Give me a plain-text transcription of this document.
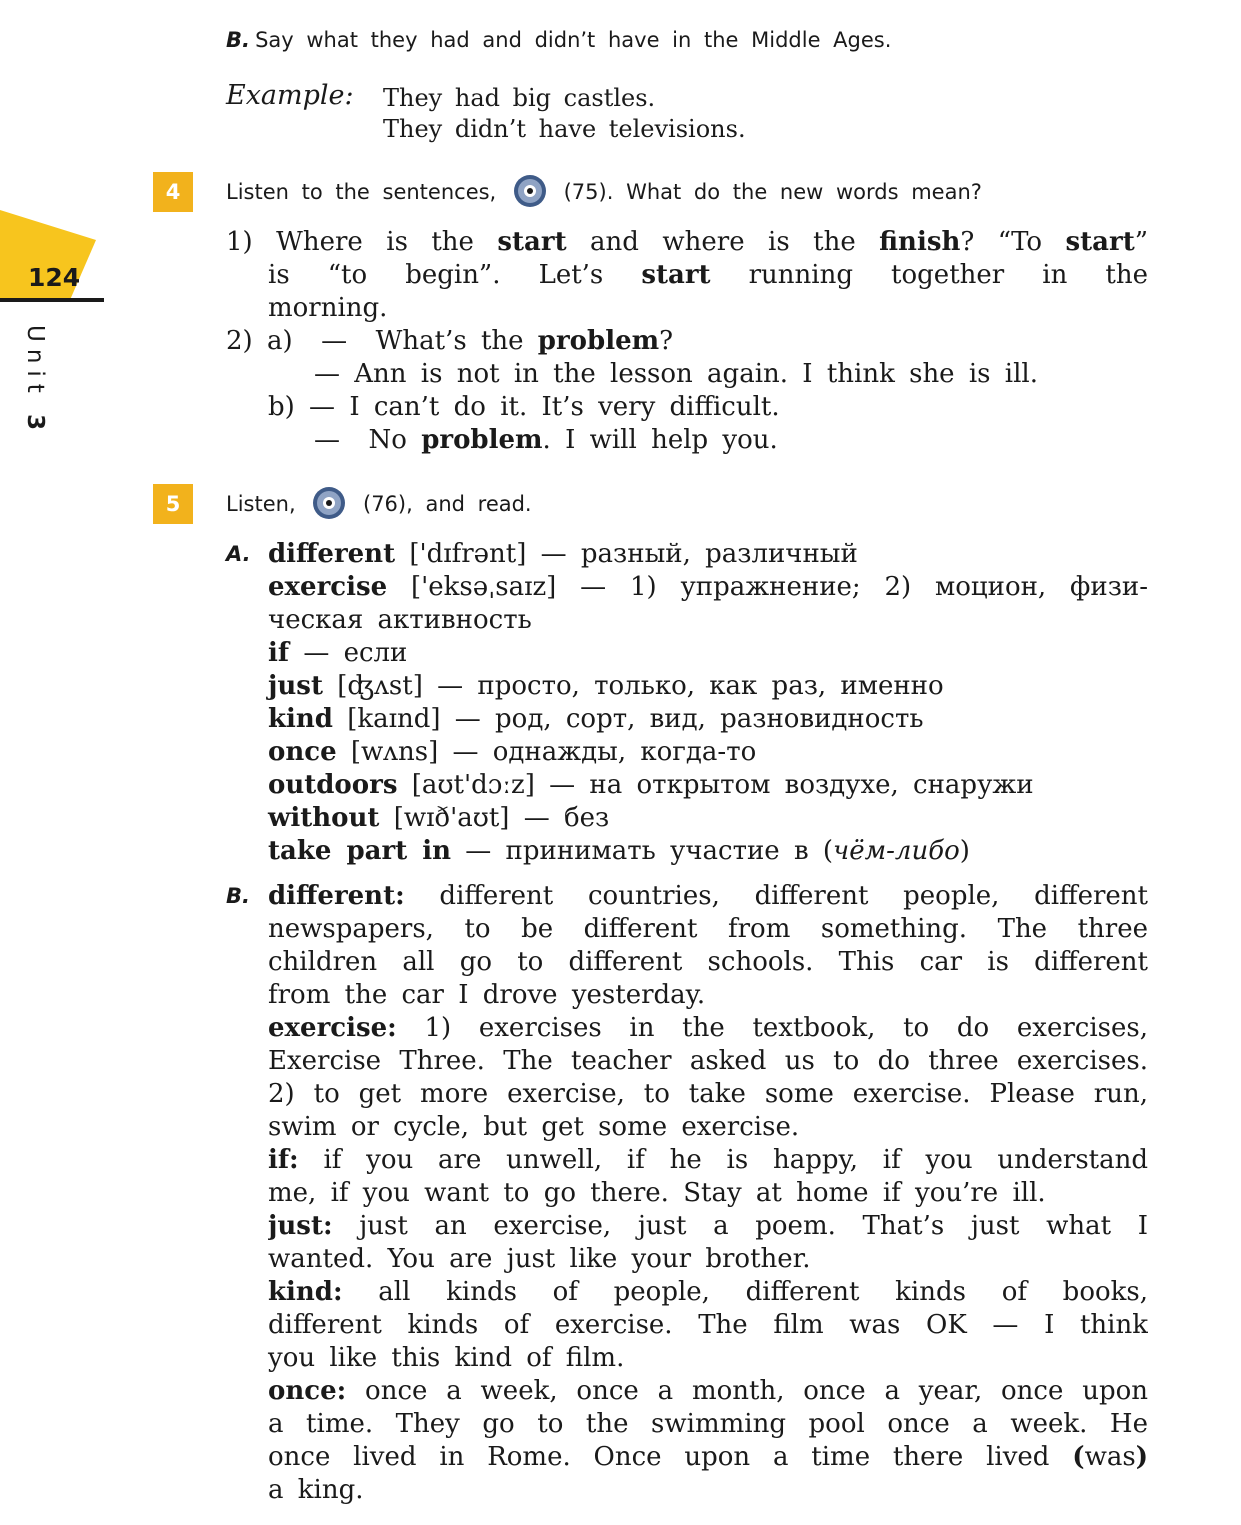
124
Unit 3
B. Say what they had and didn’t have in the Middle Ages.
Example: They had big castles.
They didn’t have televisions.
4	Listen to the sentences,	(75). What do the new words mean?
1) Where is the start and where is the finish? “To start”
is “to begin”. Let’s start running together in the
morning.
2) a)  —  What’s the problem?
— Ann is not in the lesson again. I think she is ill.
b) — I can’t do it. It’s very difficult.
—  No problem. I will help you.
5	Listen,	(76), and read.
A. different ['dɪfrənt] — разный, различный
exercise ['eksəˌsaɪz] — 1) упражнение; 2) моцион, физи-
ческая активность
if — если
just [ʤʌst] — просто, только, как раз, именно
kind [kaɪnd] — род, сорт, вид, разновидность
once [wʌns] — однажды, когда-то
outdoors [aʊt'dɔːz] — на открытом воздухе, снаружи
without [wɪð'aʊt] — без
take part in — принимать участие в (чём-либо)
B. different: different countries, different people, different
newspapers, to be different from something. The three
children all go to different schools. This car is different
from the car I drove yesterday.
exercise: 1) exercises in the textbook, to do exercises,
Exercise Three. The teacher asked us to do three exercises.
2) to get more exercise, to take some exercise. Please run,
swim or cycle, but get some exercise.
if: if you are unwell, if he is happy, if you understand
me, if you want to go there. Stay at home if you’re ill.
just: just an exercise, just a poem. That’s just what I
wanted. You are just like your brother.
kind: all kinds of people, different kinds of books,
different kinds of exercise. The film was OK — I think
you like this kind of film.
once: once a week, once a month, once a year, once upon
a time. They go to the swimming pool once a week. He
once lived in Rome. Once upon a time there lived (was)
a king.
